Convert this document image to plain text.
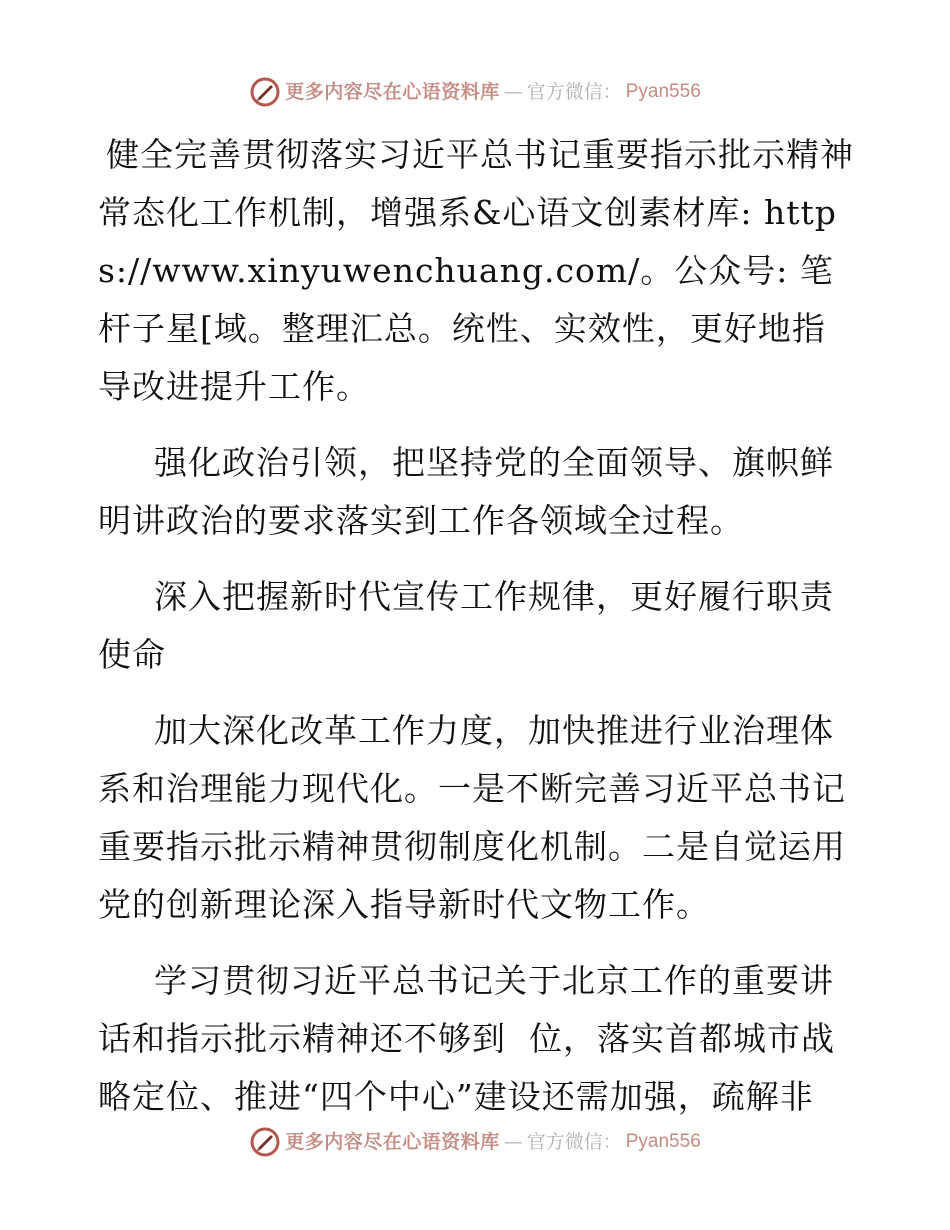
更多内容尽在心语资料库 — 官方微信： Pyan556

健全完善贯彻落实习近平总书记重要指示批示精神常态化工作机制，增强系&心语文创素材库: https://www.xinyuwenchuang.com/。公众号: 笔杆子星[域。整理汇总。统性、实效性，更好地指导改进提升工作。

强化政治引领，把坚持党的全面领导、旗帜鲜明讲政治的要求落实到工作各领域全过程。

深入把握新时代宣传工作规律，更好履行职责使命

加大深化改革工作力度，加快推进行业治理体系和治理能力现代化。一是不断完善习近平总书记重要指示批示精神贯彻制度化机制。二是自觉运用党的创新理论深入指导新时代文物工作。

学习贯彻习近平总书记关于北京工作的重要讲话和指示批示精神还不够到  位，落实首都城市战略定位、推进“四个中心”建设还需加强，疏解非

更多内容尽在心语资料库 — 官方微信： Pyan556
